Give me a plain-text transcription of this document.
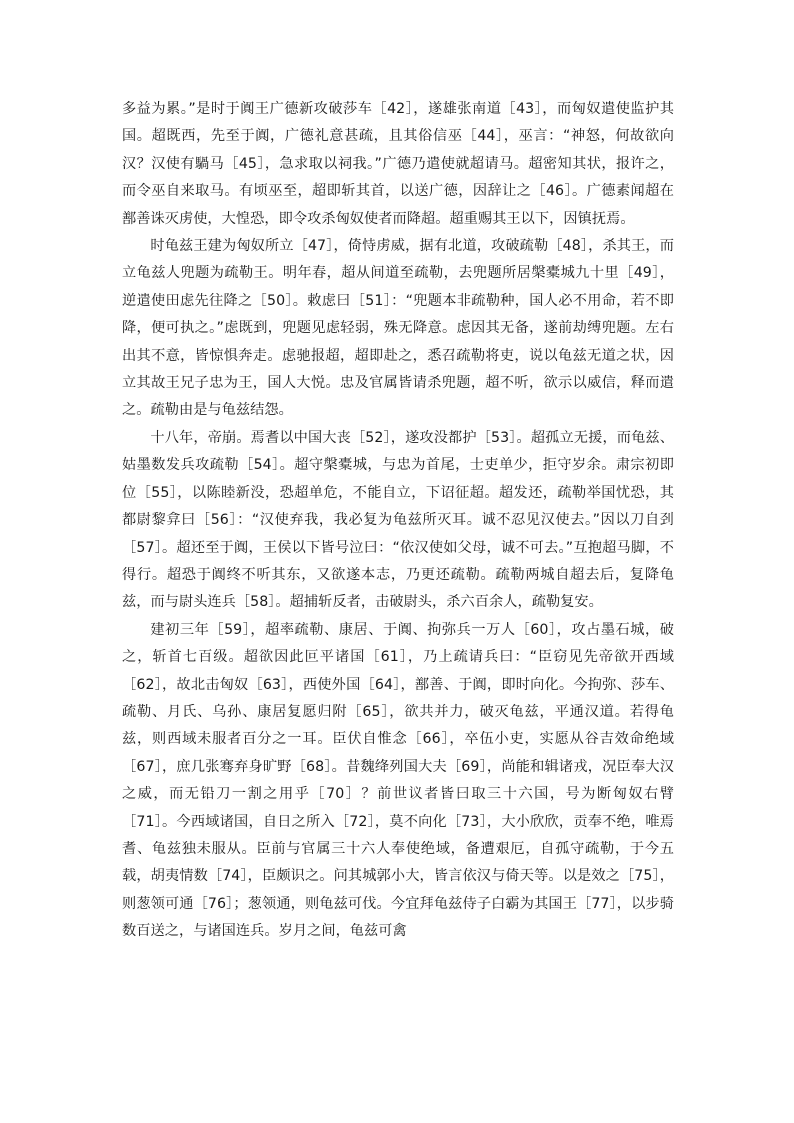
多益为累。”是时于阗王广德新攻破莎车［42］，遂雄张南道［43］，而匈奴遣使监护其国。超既西，先至于阗，广德礼意甚疏，且其俗信巫［44］，巫言：“神怒，何故欲向汉？汉使有騧马［45］，急求取以祠我。”广德乃遣使就超请马。超密知其状，报许之，而令巫自来取马。有顷巫至，超即斩其首，以送广德，因辞让之［46］。广德素闻超在鄯善诛灭虏使，大惶恐，即令攻杀匈奴使者而降超。超重赐其王以下，因镇抚焉。

时龟兹王建为匈奴所立［47］，倚恃虏威，据有北道，攻破疏勒［48］，杀其王，而立龟兹人兜题为疏勒王。明年春，超从间道至疏勒，去兜题所居槃橐城九十里［49］，逆遣使田虑先往降之［50］。敕虑曰［51］：“兜题本非疏勒种，国人必不用命，若不即降，便可执之。”虑既到，兜题见虑轻弱，殊无降意。虑因其无备，遂前劫缚兜题。左右出其不意，皆惊惧奔走。虑驰报超，超即赴之，悉召疏勒将吏，说以龟兹无道之状，因立其故王兄子忠为王，国人大悦。忠及官属皆请杀兜题，超不听，欲示以威信，释而遣之。疏勒由是与龟兹结怨。

十八年，帝崩。焉耆以中国大丧［52］，遂攻没都护［53］。超孤立无援，而龟兹、姑墨数发兵攻疏勒［54］。超守槃橐城，与忠为首尾，士吏单少，拒守岁余。肃宗初即位［55］，以陈睦新没，恐超单危，不能自立，下诏征超。超发还，疏勒举国忧恐，其都尉黎弇曰［56］：“汉使弃我，我必复为龟兹所灭耳。诚不忍见汉使去。”因以刀自刭［57］。超还至于阗，王侯以下皆号泣曰：“依汉使如父母，诚不可去。”互抱超马脚，不得行。超恐于阗终不听其东，又欲遂本志，乃更还疏勒。疏勒两城自超去后，复降龟兹，而与尉头连兵［58］。超捕斩反者，击破尉头，杀六百余人，疏勒复安。

建初三年［59］，超率疏勒、康居、于阗、拘弥兵一万人［60］，攻占墨石城，破之，斩首七百级。超欲因此叵平诸国［61］，乃上疏请兵曰：“臣窃见先帝欲开西域［62］，故北击匈奴［63］，西使外国［64］，鄯善、于阗，即时向化。今拘弥、莎车、疏勒、月氏、乌孙、康居复愿归附［65］，欲共并力，破灭龟兹，平通汉道。若得龟兹，则西域未服者百分之一耳。臣伏自惟念［66］，卒伍小吏，实愿从谷吉效命绝域［67］，庶几张骞弃身旷野［68］。昔魏绛列国大夫［69］，尚能和辑诸戎，况臣奉大汉之威，而无铅刀一割之用乎［70］？前世议者皆曰取三十六国，号为断匈奴右臂［71］。今西域诸国，自日之所入［72］，莫不向化［73］，大小欣欣，贡奉不绝，唯焉耆、龟兹独未服从。臣前与官属三十六人奉使绝域，备遭艰厄，自孤守疏勒，于今五载，胡夷情数［74］，臣颇识之。问其城郭小大，皆言依汉与倚天等。以是效之［75］，则葱领可通［76］；葱领通，则龟兹可伐。今宜拜龟兹侍子白霸为其国王［77］，以步骑数百送之，与诸国连兵。岁月之间，龟兹可禽
